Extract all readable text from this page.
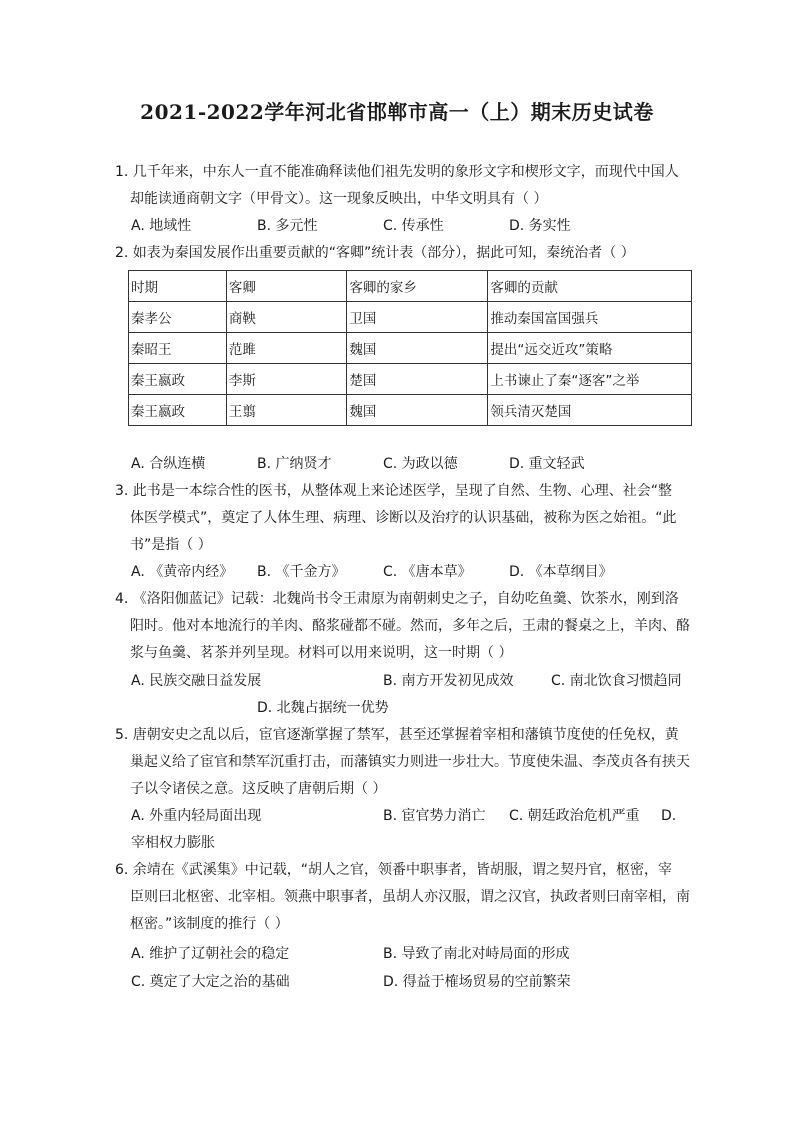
2021-2022学年河北省邯郸市高一（上）期末历史试卷
1. 几千年来，中东人一直不能准确释读他们祖先发明的象形文字和楔形文字，而现代中国人
却能读通商朝文字（甲骨文）。这一现象反映出，中华文明具有（ ）
A. 地域性	B. 多元性	C. 传承性	D. 务实性
2. 如表为秦国发展作出重要贡献的“客卿”统计表（部分），据此可知，秦统治者（ ）
时期	客卿	客卿的家乡	客卿的贡献
秦孝公	商鞅	卫国	推动秦国富国强兵
秦昭王	范雎	魏国	提出“远交近攻”策略
秦王嬴政	李斯	楚国	上书谏止了秦“逐客”之举
秦王嬴政	王翦	魏国	领兵清灭楚国
A. 合纵连横	B. 广纳贤才	C. 为政以德	D. 重文轻武
3. 此书是一本综合性的医书，从整体观上来论述医学，呈现了自然、生物、心理、社会“整
体医学模式”，奠定了人体生理、病理、诊断以及治疗的认识基础，被称为医之始祖。“此
书”是指（ ）
A. 《黄帝内经》 B. 《千金方》	C. 《唐本草》	D. 《本草纲目》
4. 《洛阳伽蓝记》记载：北魏尚书令王肃原为南朝刺史之子，自幼吃鱼羹、饮茶水，刚到洛
阳时。他对本地流行的羊肉、酪浆碰都不碰。然而，多年之后，王肃的餐桌之上，羊肉、酪
浆与鱼羹、茗茶并列呈现。材料可以用来说明，这一时期（ ）
A. 民族交融日益发展	B. 南方开发初见成效	C. 南北饮食习惯趋同
D. 北魏占据统一优势
5. 唐朝安史之乱以后，宦官逐渐掌握了禁军，甚至还掌握着宰相和藩镇节度使的任免权，黄
巢起义给了宦官和禁军沉重打击，而藩镇实力则进一步壮大。节度使朱温、李茂贞各有挟天
子以令诸侯之意。这反映了唐朝后期（ ）
A. 外重内轻局面出现	B. 宦官势力消亡 C. 朝廷政治危机严重 D.
宰相权力膨胀
6. 余靖在《武溪集》中记载，“胡人之官，领番中职事者，皆胡服，谓之契丹官，枢密，宰
臣则曰北枢密、北宰相。领燕中职事者，虽胡人亦汉服，谓之汉官，执政者则曰南宰相，南
枢密。”该制度的推行（ ）
A. 维护了辽朝社会的稳定	B. 导致了南北对峙局面的形成
C. 奠定了大定之治的基础	D. 得益于榷场贸易的空前繁荣
